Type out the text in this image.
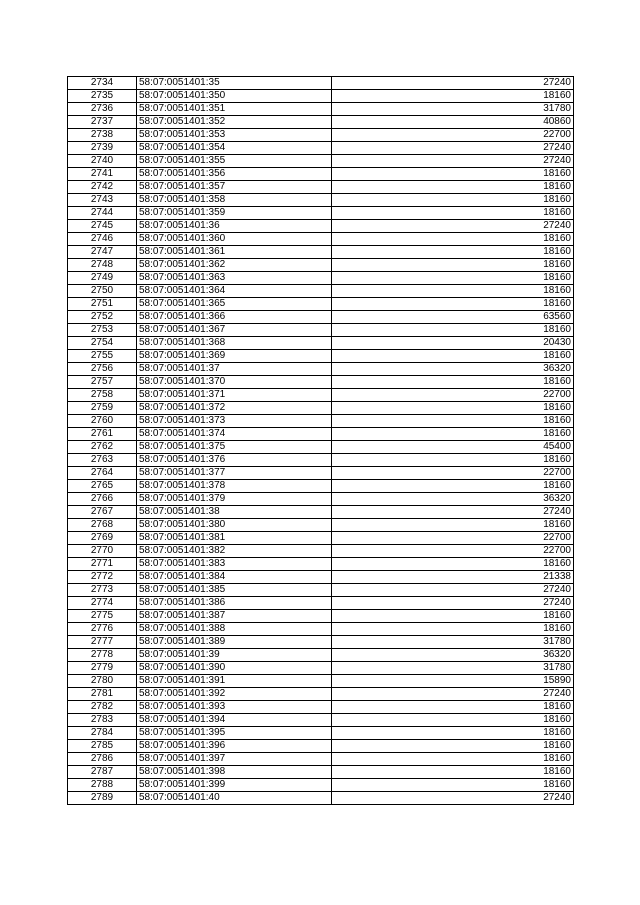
2734	58:07:0051401:35	27240
2735	58:07:0051401:350	18160
2736	58:07:0051401:351	31780
2737	58:07:0051401:352	40860
2738	58:07:0051401:353	22700
2739	58:07:0051401:354	27240
2740	58:07:0051401:355	27240
2741	58:07:0051401:356	18160
2742	58:07:0051401:357	18160
2743	58:07:0051401:358	18160
2744	58:07:0051401:359	18160
2745	58:07:0051401:36	27240
2746	58:07:0051401:360	18160
2747	58:07:0051401:361	18160
2748	58:07:0051401:362	18160
2749	58:07:0051401:363	18160
2750	58:07:0051401:364	18160
2751	58:07:0051401:365	18160
2752	58:07:0051401:366	63560
2753	58:07:0051401:367	18160
2754	58:07:0051401:368	20430
2755	58:07:0051401:369	18160
2756	58:07:0051401:37	36320
2757	58:07:0051401:370	18160
2758	58:07:0051401:371	22700
2759	58:07:0051401:372	18160
2760	58:07:0051401:373	18160
2761	58:07:0051401:374	18160
2762	58:07:0051401:375	45400
2763	58:07:0051401:376	18160
2764	58:07:0051401:377	22700
2765	58:07:0051401:378	18160
2766	58:07:0051401:379	36320
2767	58:07:0051401:38	27240
2768	58:07:0051401:380	18160
2769	58:07:0051401:381	22700
2770	58:07:0051401:382	22700
2771	58:07:0051401:383	18160
2772	58:07:0051401:384	21338
2773	58:07:0051401:385	27240
2774	58:07:0051401:386	27240
2775	58:07:0051401:387	18160
2776	58:07:0051401:388	18160
2777	58:07:0051401:389	31780
2778	58:07:0051401:39	36320
2779	58:07:0051401:390	31780
2780	58:07:0051401:391	15890
2781	58:07:0051401:392	27240
2782	58:07:0051401:393	18160
2783	58:07:0051401:394	18160
2784	58:07:0051401:395	18160
2785	58:07:0051401:396	18160
2786	58:07:0051401:397	18160
2787	58:07:0051401:398	18160
2788	58:07:0051401:399	18160
2789	58:07:0051401:40	27240
